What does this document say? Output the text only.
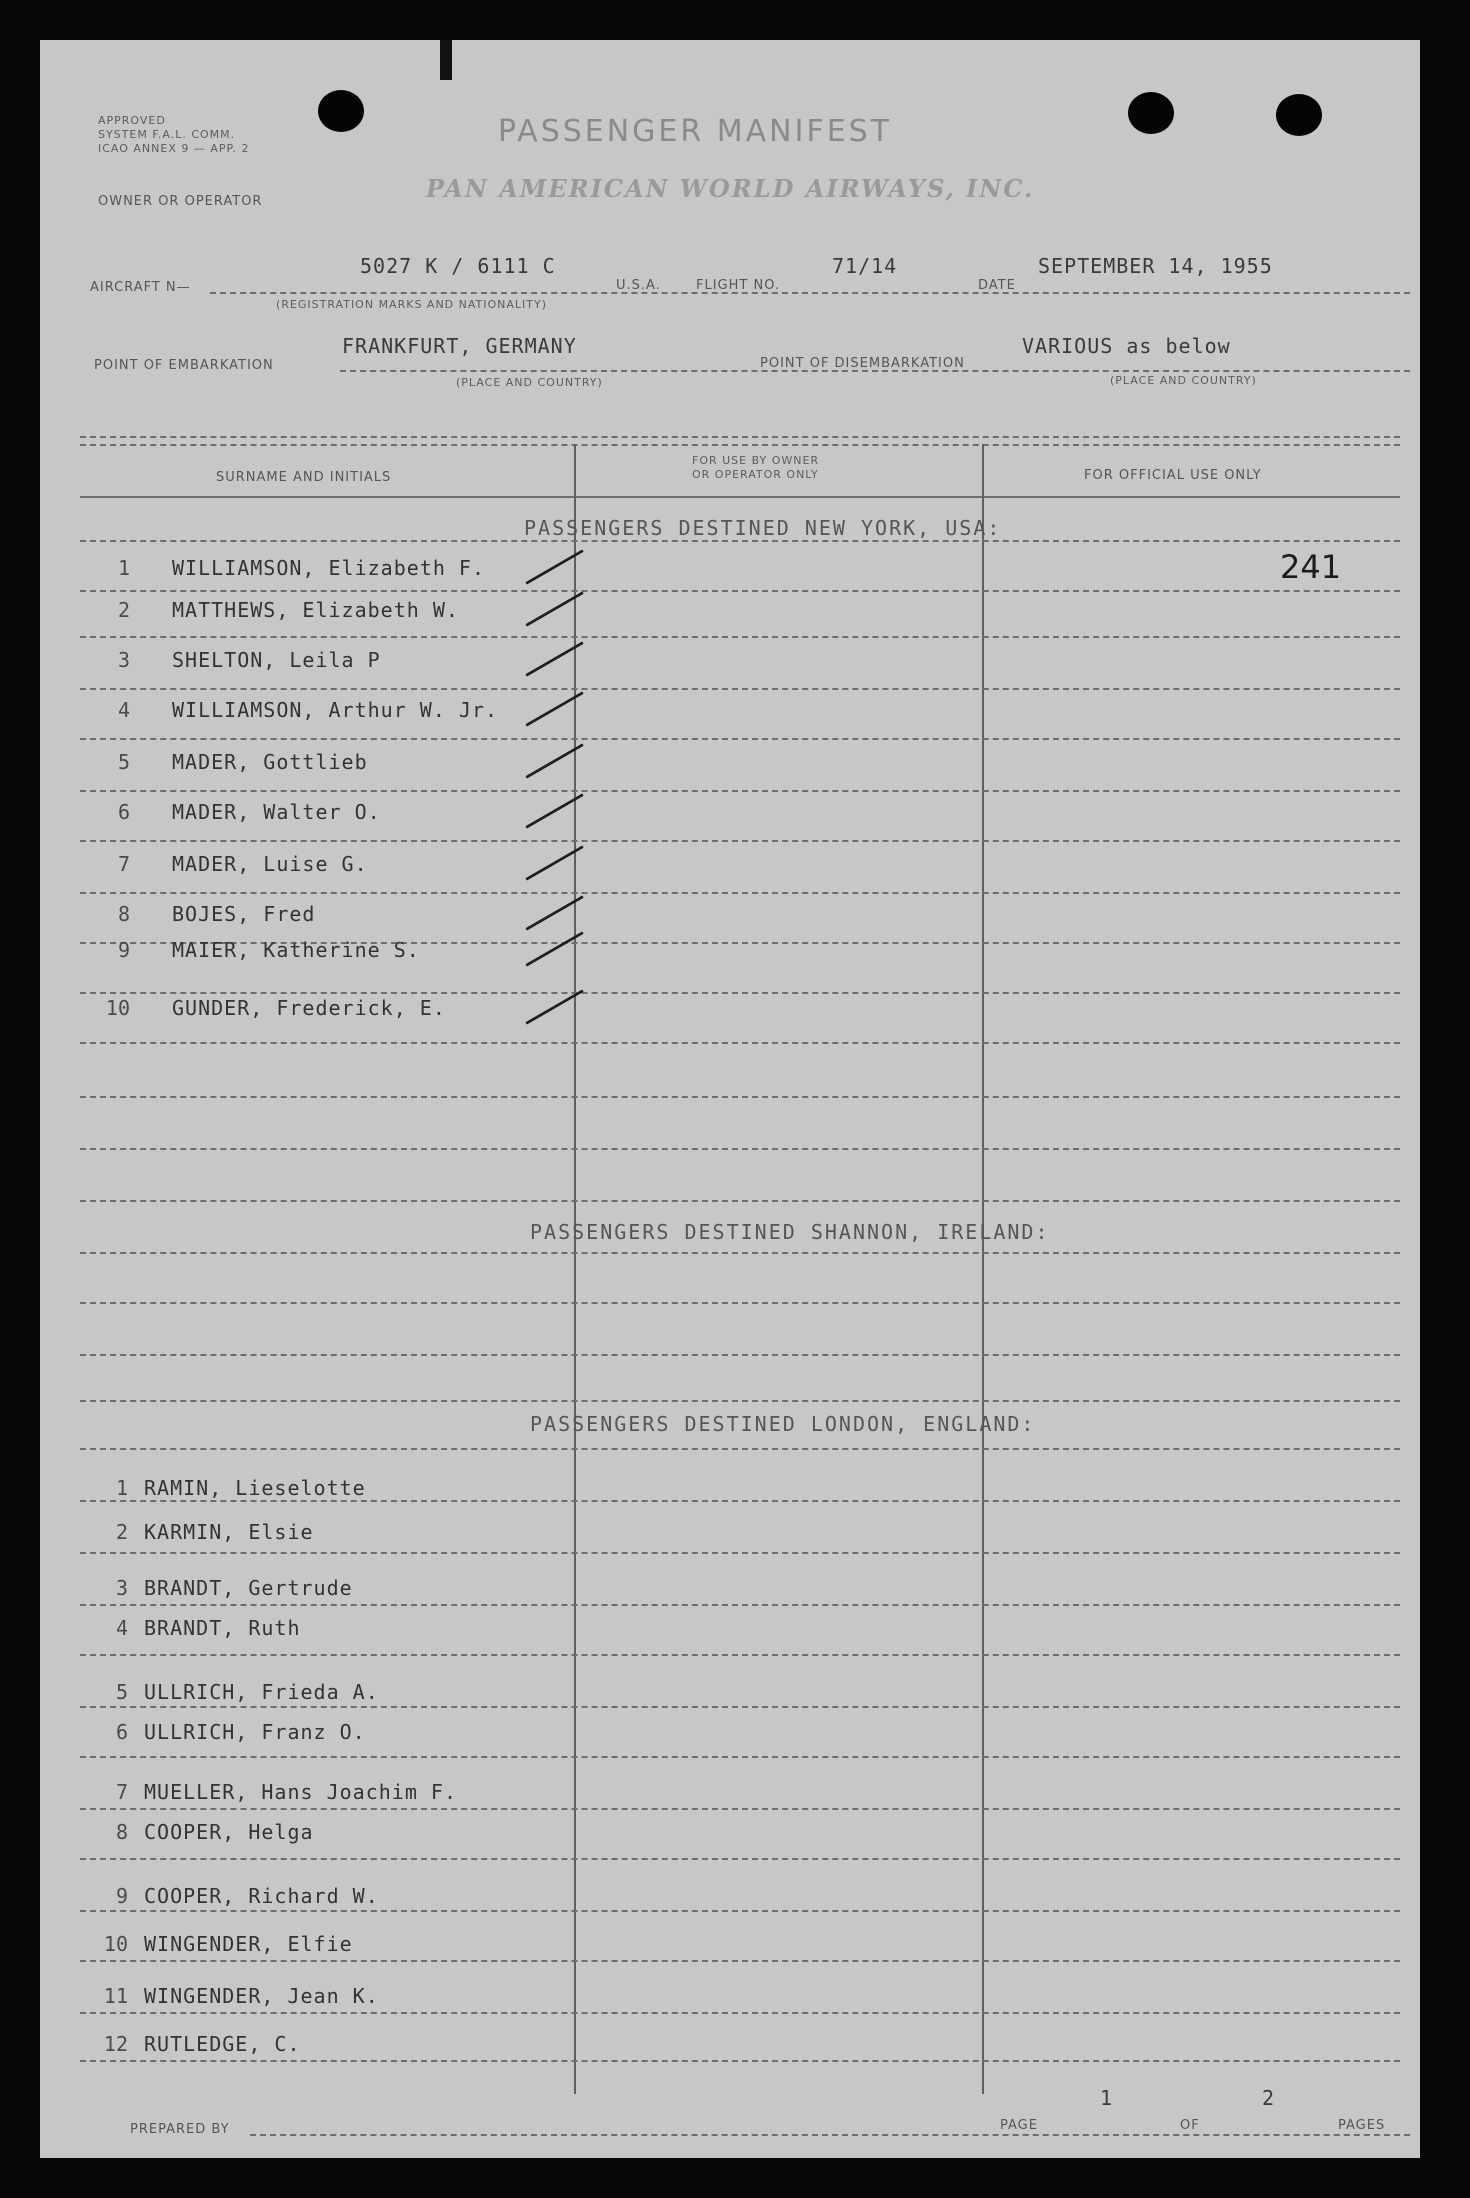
APPROVED
SYSTEM F.A.L. COMM.
ICAO ANNEX 9 — APP. 2
OWNER OR OPERATOR
PASSENGER MANIFEST
PAN AMERICAN WORLD AIRWAYS, INC.
AIRCRAFT N—
5027 K / 6111 C
(REGISTRATION MARKS AND NATIONALITY)
U.S.A.	FLIGHT NO.
71/14
DATE
SEPTEMBER 14, 1955
POINT OF EMBARKATION
FRANKFURT, GERMANY
(PLACE AND COUNTRY)
POINT OF DISEMBARKATION
VARIOUS as below
(PLACE AND COUNTRY)
SURNAME AND INITIALS
FOR USE BY OWNER
OR OPERATOR ONLY	FOR OFFICIAL USE ONLY
PASSENGERS DESTINED NEW YORK, USA:
241
PASSENGERS DESTINED SHANNON, IRELAND:
PASSENGERS DESTINED LONDON, ENGLAND:
PREPARED BY	PAGE
1
OF
2
PAGES
1 WILLIAMSON, Elizabeth F.
2 MATTHEWS, Elizabeth W.
3 SHELTON, Leila P
4 WILLIAMSON, Arthur W. Jr.
5 MADER, Gottlieb
6 MADER, Walter O.
7 MADER, Luise G.
8 BOJES, Fred
9 MAIER, Katherine S.
10 GUNDER, Frederick, E.
1 RAMIN, Lieselotte
2 KARMIN, Elsie
3 BRANDT, Gertrude
4 BRANDT, Ruth
5 ULLRICH, Frieda A.
6 ULLRICH, Franz O.
7 MUELLER, Hans Joachim F.
8 COOPER, Helga
9 COOPER, Richard W.
10 WINGENDER, Elfie
11 WINGENDER, Jean K.
12 RUTLEDGE, C.
